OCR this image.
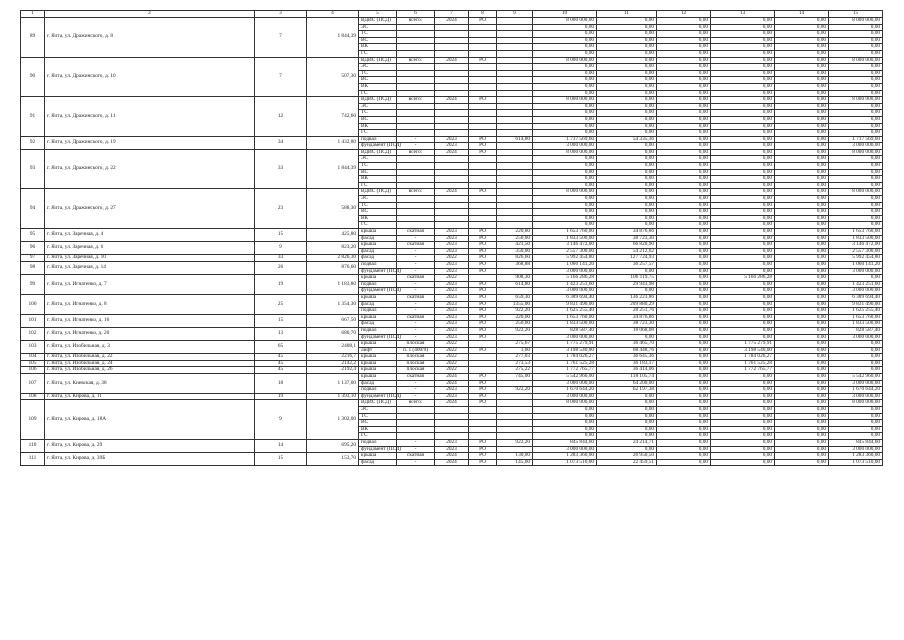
1	2	3	4	5	6	7	8	9	10	11	12	13	14	15
89	г. Ялта, ул. Дражинского, д. 8	7	1 844,39	ВДИС (ПСД)	всего:	2024	РО		8 000 000,00	0,00	0,00	0,00	0,00	8 000 000,00
				ЭС					0,00	0,00	0,00	0,00	0,00	0,00
				ТС					0,00	0,00	0,00	0,00	0,00	0,00
				ВС					0,00	0,00	0,00	0,00	0,00	0,00
				ВК					0,00	0,00	0,00	0,00	0,00	0,00
				ГС					0,00	0,00	0,00	0,00	0,00	0,00
90	г. Ялта, ул. Дражинского, д. 10	7	507,30	ВДИС (ПСД)	всего:	2024	РО		8 000 000,00	0,00	0,00	0,00	0,00	8 000 000,00
				ЭС					0,00	0,00	0,00	0,00	0,00	0,00
				ТС					0,00	0,00	0,00	0,00	0,00	0,00
				ВС					0,00	0,00	0,00	0,00	0,00	0,00
				ВК					0,00	0,00	0,00	0,00	0,00	0,00
				ГС					0,00	0,00	0,00	0,00	0,00	0,00
91	г. Ялта, ул. Дражинского, д. 11	12	742,60	ВДИС (ПСД)	всего:	2024	РО		8 000 000,00	0,00	0,00	0,00	0,00	8 000 000,00
				ЭС					0,00	0,00	0,00	0,00	0,00	0,00
				ТС					0,00	0,00	0,00	0,00	0,00	0,00
				ВС					0,00	0,00	0,00	0,00	0,00	0,00
				ВК					0,00	0,00	0,00	0,00	0,00	0,00
				ГС					0,00	0,00	0,00	0,00	0,00	0,00
92	г. Ялта, ул. Дражинского, д. 19	34	1 432,80	подвал	-	2023	РО	614,80	1 717 569,60	54 335,36	0,00	0,00	0,00	1 717 569,60
				фундамент (ПСД)	-	2023	РО		3 000 000,00	0,00	0,00	0,00	0,00	3 000 000,00
93	г. Ялта, ул. Дражинского, д. 22	33	1 844,39	ВДИС (ПСД)	всего:	2024	РО		8 000 000,00	0,00	0,00	0,00	0,00	8 000 000,00
				ЭС					0,00	0,00	0,00	0,00	0,00	0,00
				ТС					0,00	0,00	0,00	0,00	0,00	0,00
				ВС					0,00	0,00	0,00	0,00	0,00	0,00
				ВК					0,00	0,00	0,00	0,00	0,00	0,00
				ГС					0,00	0,00	0,00	0,00	0,00	0,00
94	г. Ялта, ул. Дражинского, д. 27	23	588,30	ВДИС (ПСД)	всего:	2024	РО		8 000 000,00	0,00	0,00	0,00	0,00	8 000 000,00
				ЭС					0,00	0,00	0,00	0,00	0,00	0,00
				ТС					0,00	0,00	0,00	0,00	0,00	0,00
				ВС					0,00	0,00	0,00	0,00	0,00	0,00
				ВК					0,00	0,00	0,00	0,00	0,00	0,00
				ГС					0,00	0,00	0,00	0,00	0,00	0,00
95	г. Ялта, ул. Заречная, д. 4	15	425,80	крыша	скатная	2023	РО	220,00	1 653 760,00	34 876,86	0,00	0,00	0,00	1 653 760,00
				фасад	-	2023	РО	250,00	1 833 500,00	38 723,30	0,00	0,00	0,00	1 833 500,00
96	г. Ялта, ул. Заречная, д. 6	9	823,20	крыша	скатная	2023	РО	421,50	3 146 472,00	66 820,90	0,00	0,00	0,00	3 146 472,00
				фасад	-	2023	РО	350,00	2 557 300,00	54 212,62	0,00	0,00	0,00	2 557 300,00
97	г. Ялта, ул. Заречная, д. 10	33	2 826,30	фасад	-	2022	РО	826,60	5 992 454,80	127 724,93	0,00	0,00	0,00	5 992 454,80
98	г. Ялта, ул. Заречная, д. 14	26	876,60	подвал	-	2023	РО	368,88	1 060 141,20	36 257,57	0,00	0,00	0,00	1 060 141,20
				фундамент (ПСД)	-	2023	РО		3 000 000,00	0,00	0,00	0,00	0,00	3 000 000,00
99	г. Ялта, ул. Игнатенко, д. 7	19	1 183,80	крыша	скатная	2022		908,30	5 166 286,28	106 119,75	0,00	5 166 286,28	0,00	0,00
				подвал	-	2023	РО	614,80	1 423 251,60	29 943,98	0,00	0,00	0,00	1 423 251,60
				фундамент (ПСД)	-	2023	РО		3 000 000,00	0,00	0,00	0,00	0,00	3 000 000,00
100	г. Ялта, ул. Игнатенко, д. 8	25	1 354,30	крыша	скатная	2023	РО	659,30	6 389 694,40	136 223,86	0,00	0,00	0,00	6 389 694,40
				фасад	-	2023	РО	1355,00	9 831 490,00	209 880,29	0,00	0,00	0,00	9 831 490,00
				подвал	-	2023	РО	922,20	1 625 255,40	28 251,76	0,00	0,00	0,00	1 625 255,40
101	г. Ялта, ул. Игнатенко, д. 16	15	667,50	крыша	скатная	2023	РО	220,00	1 653 760,00	34 876,86	0,00	0,00	0,00	1 653 760,00
				фасад	-	2023	РО	250,00	1 833 500,00	38 723,30	0,00	0,00	0,00	1 833 500,00
102	г. Ялта, ул. Игнатенко, д. 20	13	680,70	подвал	-	2023	РО	922,20	828 587,40	18 068,08	0,00	0,00	0,00	828 587,40
				фундамент (ПСД)	-	2023	РО		3 000 000,00	0,00	0,00	0,00	0,00	3 000 000,00
103	г. Ялта, ул. Изобильная, д. 3	65	2408,1	крыша	плоская	2022		275,67	1 775 279,91	36 465,70	0,00	1 775 279,91	0,00	0,00
				лифт	п. 1 (400/9)	2022	РО	1,00	3 198 540,00	68 448,76	0,00	3 198 540,00	0,00	0,00
104	г. Ялта, ул. Изобильная, д. 22	45	2216,7	крыша	плоская	2022		277,03	1 784 026,27	36 645,36	0,00	1 784 026,27	0,00	0,00
105	г. Ялта, ул. Изобильная, д. 24	45	2142,2	крыша	плоская	2022		273,53	1 761 525,28	36 183,17	0,00	1 761 525,28	0,00	0,00
106	г. Ялта, ул. Изобильная, д. 26	45	2192,4	крыша	плоская	2022		275,22	1 772 765,77	36 414,06	0,00	1 772 765,77	0,00	0,00
107	г. Ялта, ул. Киевская, д. 38	18	1 137,00	крыша	скатная	2024	РО	745,00	5 542 960,00	118 105,74	0,00	0,00	0,00	5 542 960,00
				фасад	-	2024	РО		3 000 000,00	64 200,00	0,00	0,00	0,00	3 000 000,00
				подвал	-	2023	РО	922,20	1 670 644,20	62 197,38	0,00	0,00	0,00	1 670 644,20
108	г. Ялта, ул. Кирова, д. 11	19	1 393,10	фундамент (ПСД)	-	2023	РО		3 000 000,00	0,00	0,00	0,00	0,00	3 000 000,00
109	г. Ялта, ул. Кирова, д. 18А	9	1 302,00	ВДИС (ПСД)	всего:	2024	РО		8 000 000,00	0,00	0,00	0,00	0,00	8 000 000,00
				ЭС					0,00	0,00	0,00	0,00	0,00	0,00
				ТС					0,00	0,00	0,00	0,00	0,00	0,00
				ВС					0,00	0,00	0,00	0,00	0,00	0,00
				ВК					0,00	0,00	0,00	0,00	0,00	0,00
				ГС					0,00	0,00	0,00	0,00	0,00	0,00
110	г. Ялта, ул. Кирова, д. 29	14	695,20	подвал	-	2023	РО	922,20	845 844,60	24 214,71	0,00	0,00	0,00	845 844,60
				фундамент (ПСД)	-	2023	РО		3 000 000,00	0,00	0,00	0,00	0,00	3 000 000,00
111	г. Ялта, ул. Кирова, д. 39Б	15	153,70	крыша	скатная	2024	РО	130,00	1 283 360,00	26 950,50	0,00	0,00	0,00	1 283 360,00
				фасад	-	2024	РО	145,00	1 073 510,00	22 459,51	0,00	0,00	0,00	1 073 510,00
